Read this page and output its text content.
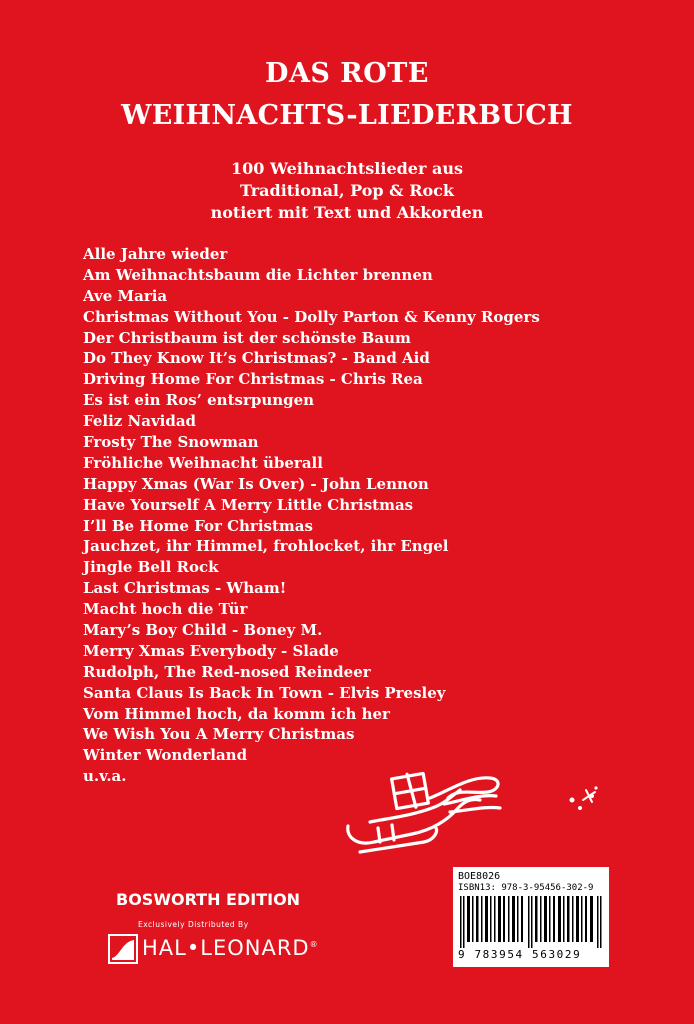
DAS ROTE
WEIHNACHTS-LIEDERBUCH
100 Weihnachtslieder aus
Traditional, Pop & Rock
notiert mit Text und Akkorden
Alle Jahre wieder
Am Weihnachtsbaum die Lichter brennen
Ave Maria
Christmas Without You - Dolly Parton & Kenny Rogers
Der Christbaum ist der schönste Baum
Do They Know It’s Christmas? - Band Aid
Driving Home For Christmas - Chris Rea
Es ist ein Ros’ entsrpungen
Feliz Navidad
Frosty The Snowman
Fröhliche Weihnacht überall
Happy Xmas (War Is Over) - John Lennon
Have Yourself A Merry Little Christmas
I’ll Be Home For Christmas
Jauchzet, ihr Himmel, frohlocket, ihr Engel
Jingle Bell Rock
Last Christmas - Wham!
Macht hoch die Tür
Mary’s Boy Child - Boney M.
Merry Xmas Everybody - Slade
Rudolph, The Red-nosed Reindeer
Santa Claus Is Back In Town - Elvis Presley
Vom Himmel hoch, da komm ich her
We Wish You A Merry Christmas
Winter Wonderland
u.v.a.
BOSWORTH EDITION
Exclusively Distributed By
HAL•LEONARD®
BOE8026
ISBN13: 978-3-95456-302-9
9 783954 563029
